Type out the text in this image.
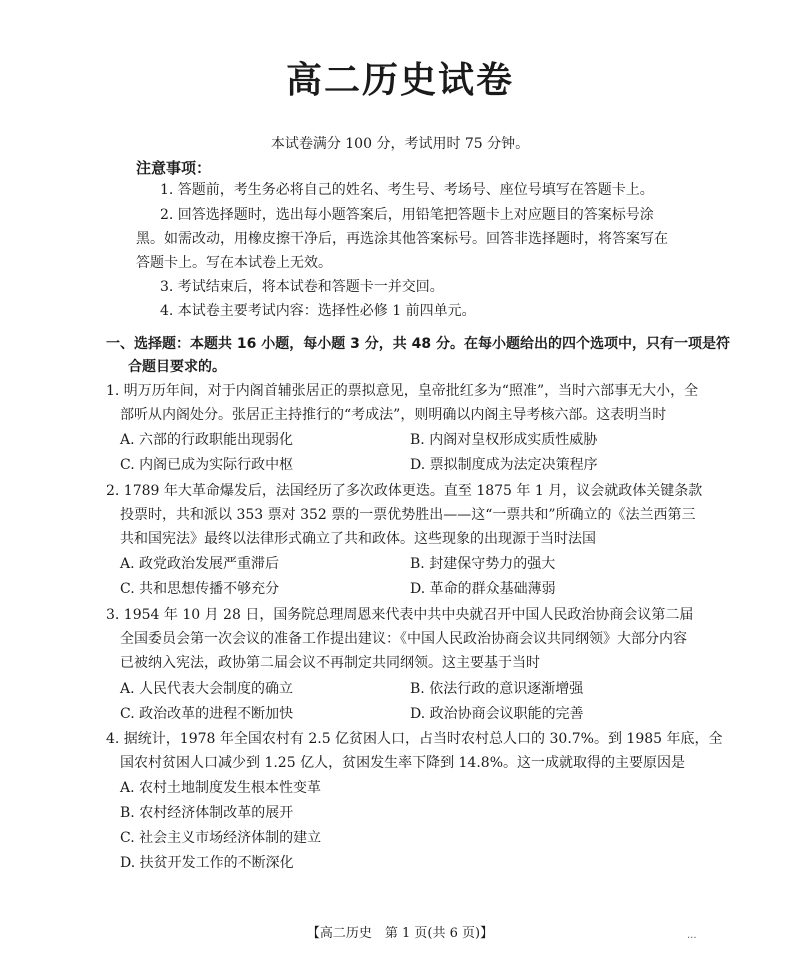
高二历史试卷
本试卷满分 100 分，考试用时 75 分钟。
注意事项：
1. 答题前，考生务必将自己的姓名、考生号、考场号、座位号填写在答题卡上。
2. 回答选择题时，选出每小题答案后，用铅笔把答题卡上对应题目的答案标号涂
黑。如需改动，用橡皮擦干净后，再选涂其他答案标号。回答非选择题时，将答案写在
答题卡上。写在本试卷上无效。
3. 考试结束后，将本试卷和答题卡一并交回。
4. 本试卷主要考试内容：选择性必修 1 前四单元。
一、选择题：本题共 16 小题，每小题 3 分，共 48 分。在每小题给出的四个选项中，只有一项是符
合题目要求的。
1. 明万历年间，对于内阁首辅张居正的票拟意见，皇帝批红多为“照准”，当时六部事无大小，全
部听从内阁处分。张居正主持推行的“考成法”，则明确以内阁主导考核六部。这表明当时
A. 六部的行政职能出现弱化	B. 内阁对皇权形成实质性威胁
C. 内阁已成为实际行政中枢	D. 票拟制度成为法定决策程序
2. 1789 年大革命爆发后，法国经历了多次政体更迭。直至 1875 年 1 月，议会就政体关键条款
投票时，共和派以 353 票对 352 票的一票优势胜出——这“一票共和”所确立的《法兰西第三
共和国宪法》最终以法律形式确立了共和政体。这些现象的出现源于当时法国
A. 政党政治发展严重滞后	B. 封建保守势力的强大
C. 共和思想传播不够充分	D. 革命的群众基础薄弱
3. 1954 年 10 月 28 日，国务院总理周恩来代表中共中央就召开中国人民政治协商会议第二届
全国委员会第一次会议的准备工作提出建议：《中国人民政治协商会议共同纲领》大部分内容
已被纳入宪法，政协第二届会议不再制定共同纲领。这主要基于当时
A. 人民代表大会制度的确立	B. 依法行政的意识逐渐增强
C. 政治改革的进程不断加快	D. 政治协商会议职能的完善
4. 据统计，1978 年全国农村有 2.5 亿贫困人口，占当时农村总人口的 30.7%。到 1985 年底，全
国农村贫困人口减少到 1.25 亿人，贫困发生率下降到 14.8%。这一成就取得的主要原因是
A. 农村土地制度发生根本性变革
B. 农村经济体制改革的展开
C. 社会主义市场经济体制的建立
D. 扶贫开发工作的不断深化
【高二历史　第 1 页(共 6 页)】	...
